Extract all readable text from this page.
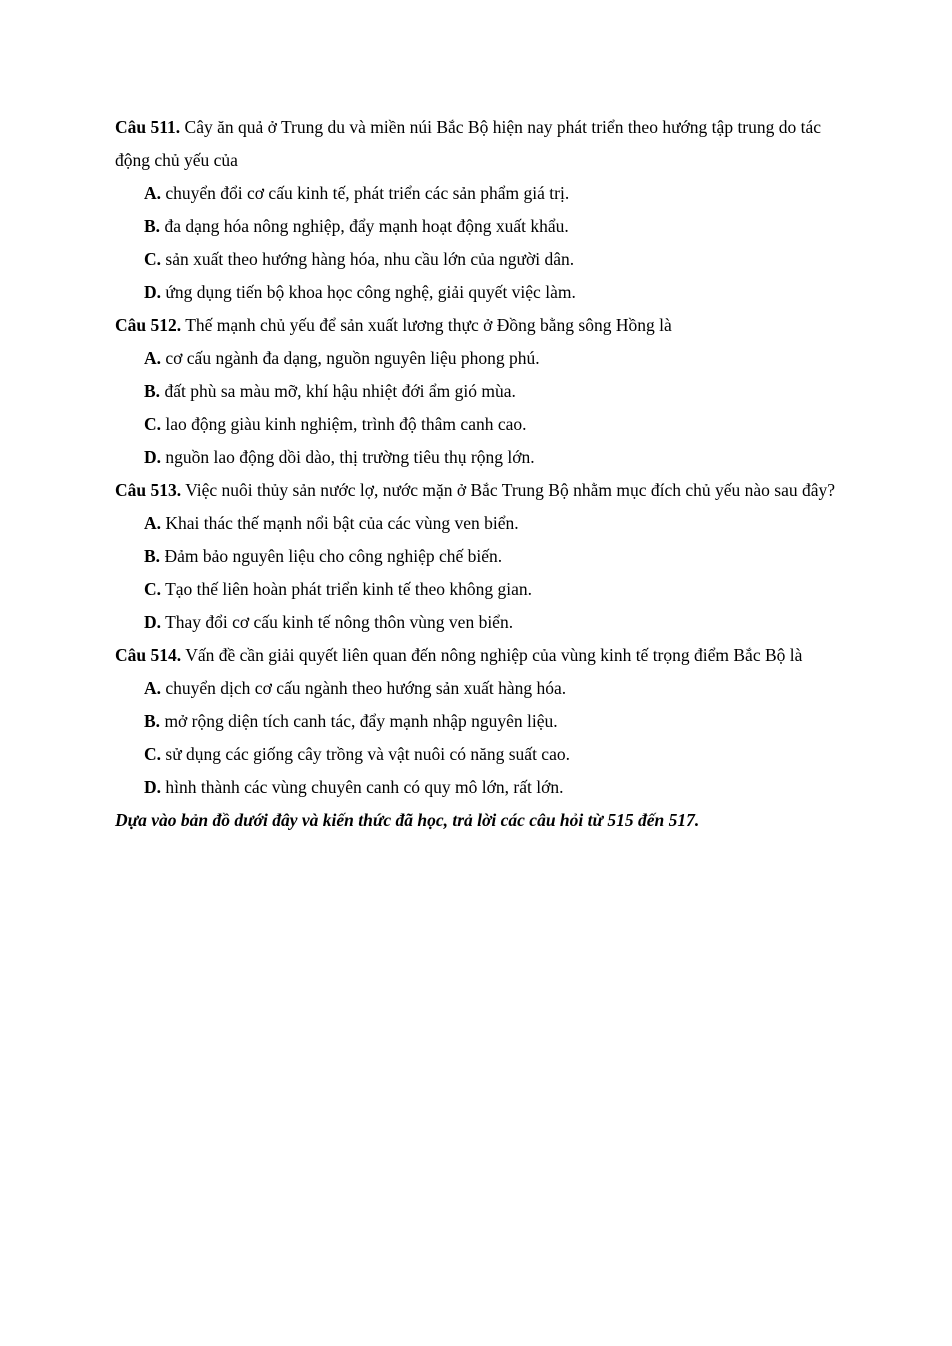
Câu 511. Cây ăn quả ở Trung du và miền núi Bắc Bộ hiện nay phát triển theo hướng tập trung do tác động chủ yếu của

A. chuyển đổi cơ cấu kinh tế, phát triển các sản phẩm giá trị.

B. đa dạng hóa nông nghiệp, đẩy mạnh hoạt động xuất khẩu.

C. sản xuất theo hướng hàng hóa, nhu cầu lớn của người dân.

D. ứng dụng tiến bộ khoa học công nghệ, giải quyết việc làm.

Câu 512. Thế mạnh chủ yếu để sản xuất lương thực ở Đồng bằng sông Hồng là

A. cơ cấu ngành đa dạng, nguồn nguyên liệu phong phú.

B. đất phù sa màu mỡ, khí hậu nhiệt đới ẩm gió mùa.

C. lao động giàu kinh nghiệm, trình độ thâm canh cao.

D. nguồn lao động dồi dào, thị trường tiêu thụ rộng lớn.

Câu 513. Việc nuôi thủy sản nước lợ, nước mặn ở Bắc Trung Bộ nhằm mục đích chủ yếu nào sau đây?

A. Khai thác thế mạnh nổi bật của các vùng ven biển.

B. Đảm bảo nguyên liệu cho công nghiệp chế biến.

C. Tạo thế liên hoàn phát triển kinh tế theo không gian.

D. Thay đổi cơ cấu kinh tế nông thôn vùng ven biển.

Câu 514. Vấn đề cần giải quyết liên quan đến nông nghiệp của vùng kinh tế trọng điểm Bắc Bộ là

A. chuyển dịch cơ cấu ngành theo hướng sản xuất hàng hóa.

B. mở rộng diện tích canh tác, đẩy mạnh nhập nguyên liệu.

C. sử dụng các giống cây trồng và vật nuôi có năng suất cao.

D. hình thành các vùng chuyên canh có quy mô lớn, rất lớn.

Dựa vào bản đồ dưới đây và kiến thức đã học, trả lời các câu hỏi từ 515 đến 517.
